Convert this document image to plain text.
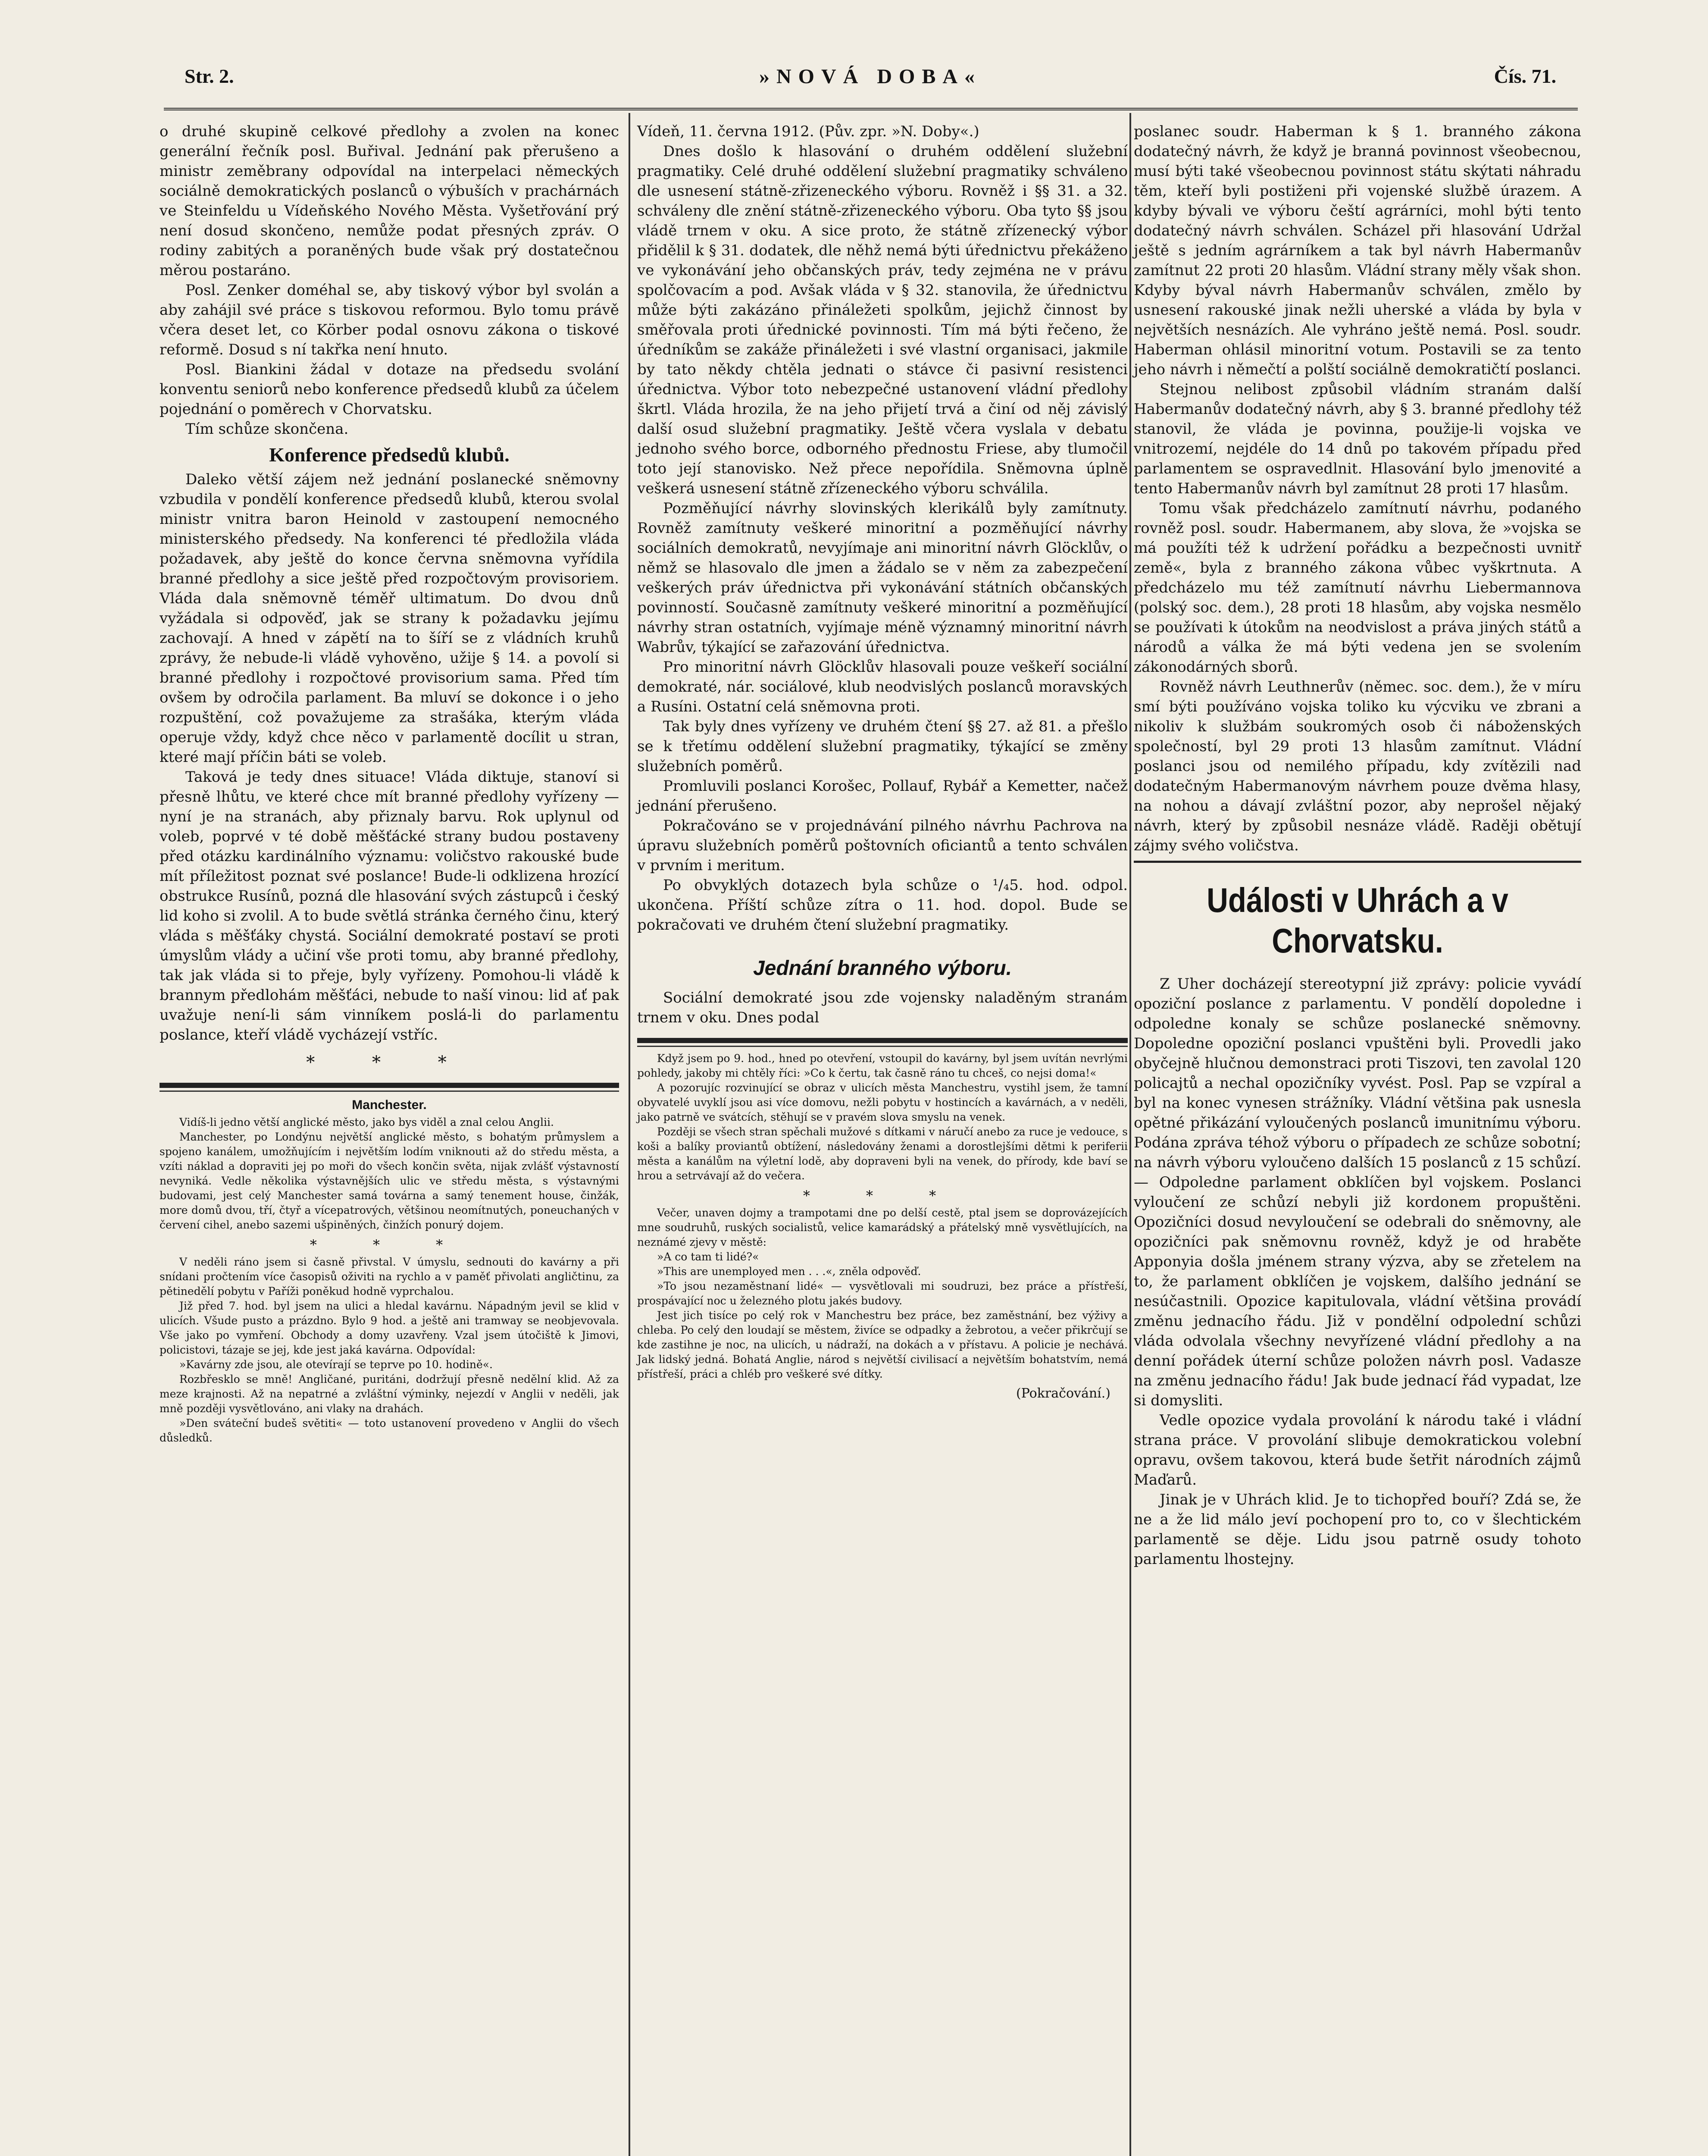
Str. 2.	»NOVÁ DOBA«	Čís. 71.

o druhé skupině celkové předlohy a zvolen na konec generální řečník posl. Buřival. Jednání pak přerušeno a ministr zeměbrany odpovídal na interpelaci německých sociálně demokratických poslanců o výbuších v prachárnách ve Steinfeldu u Vídeňského Nového Města. Vyšetřování prý není dosud skončeno, nemůže podat přesných zpráv. O rodiny zabitých a poraněných bude však prý dostatečnou měrou postaráno.

Posl. Zenker doméhal se, aby tiskový výbor byl svolán a aby zahájil své práce s tiskovou reformou. Bylo tomu právě včera deset let, co Körber podal osnovu zákona o tiskové reformě. Dosud s ní takřka není hnuto.

Posl. Biankini žádal v dotaze na předsedu svolání konventu seniorů nebo konference předsedů klubů za účelem pojednání o poměrech v Chorvatsku.

Tím schůze skončena.

Konference předsedů klubů.

Daleko větší zájem než jednání poslanecké sněmovny vzbudila v pondělí konference předsedů klubů, kterou svolal ministr vnitra baron Heinold v zastoupení nemocného ministerského předsedy. Na konferenci té předložila vláda požadavek, aby ještě do konce června sněmovna vyřídila branné předlohy a sice ještě před rozpočtovým provisoriem. Vláda dala sněmovně téměř ultimatum. Do dvou dnů vyžádala si odpověď, jak se strany k požadavku jejímu zachovají. A hned v zápětí na to šíří se z vládních kruhů zprávy, že nebude-li vládě vyhověno, užije § 14. a povolí si branné předlohy i rozpočtové provisorium sama. Před tím ovšem by odročila parlament. Ba mluví se dokonce i o jeho rozpuštění, což považujeme za strašáka, kterým vláda operuje vždy, když chce něco v parlamentě docílit u stran, které mají příčin báti se voleb.

Taková je tedy dnes situace! Vláda diktuje, stanoví si přesně lhůtu, ve které chce mít branné předlohy vyřízeny — nyní je na stranách, aby přiznaly barvu. Rok uplynul od voleb, poprvé v té době měšťácké strany budou postaveny před otázku kardinálního významu: voličstvo rakouské bude mít příležitost poznat své poslance! Bude-li odklizena hrozící obstrukce Rusínů, pozná dle hlasování svých zástupců i český lid koho si zvolil. A to bude světlá stránka černého činu, který vláda s měšťáky chystá. Sociální demokraté postaví se proti úmyslům vlády a učiní vše proti tomu, aby branné předlohy, tak jak vláda si to přeje, byly vyřízeny. Pomohou-li vládě k brannym předlohám měšťáci, nebude to naší vinou: lid ať pak uvažuje není-li sám vinníkem poslá-li do parlamentu poslance, kteří vládě vycházejí vstříc.

* * *
Manchester.

Vidíš-li jedno větší anglické město, jako bys viděl a znal celou Anglii.

Manchester, po Londýnu největší anglické město, s bohatým průmyslem a spojeno kanálem, umožňujícím i největším lodím vniknouti až do středu města, a vzíti náklad a dopraviti jej po moři do všech končin světa, nijak zvlášť výstavností nevyniká. Vedle několika výstavnějších ulic ve středu města, s výstavnými budovami, jest celý Manchester samá továrna a samý tenement house, činžák, more domů dvou, tří, čtyř a vícepatrových, většinou neomítnutých, poneuchaných v červení cihel, anebo sazemi ušpiněných, činžích ponurý dojem.

* * *

V neděli ráno jsem si časně přivstal. V úmyslu, sednouti do kavárny a při snídani pročtením více časopisů oživiti na rychlo a v paměť přivolati angličtinu, za pětinedělí pobytu v Paříži poněkud hodně vyprchalou.

Již před 7. hod. byl jsem na ulici a hledal kavárnu. Nápadným jevil se klid v ulicích. Všude pusto a prázdno. Bylo 9 hod. a ještě ani tramway se neobjevovala. Vše jako po vymření. Obchody a domy uzavřeny. Vzal jsem útočiště k Jimovi, policistovi, tázaje se jej, kde jest jaká kavárna. Odpovídal:

»Kavárny zde jsou, ale otevírají se teprve po 10. hodině«.

Rozbřesklo se mně! Angličané, puritáni, dodržují přesně nedělní klid. Až za meze krajnosti. Až na nepatrné a zvláštní výminky, nejezdí v Anglii v neděli, jak mně později vysvětlováno, ani vlaky na drahách.

»Den sváteční budeš světiti« — toto ustanovení provedeno v Anglii do všech důsledků.

Vídeň, 11. června 1912. (Pův. zpr. »N. Doby«.)

Dnes došlo k hlasování o druhém oddělení služební pragmatiky. Celé druhé oddělení služební pragmatiky schváleno dle usnesení státně-zřizeneckého výboru. Rovněž i §§ 31. a 32. schváleny dle znění státně-zřizeneckého výboru. Oba tyto §§ jsou vládě trnem v oku. A sice proto, že státně zřízenecký výbor přidělil k § 31. dodatek, dle něhž nemá býti úřednictvu překáženo ve vykonávání jeho občanských práv, tedy zejména ne v právu spolčovacím a pod. Avšak vláda v § 32. stanovila, že úřednictvu může býti zakázáno přináležeti spolkům, jejichž činnost by směřovala proti úřednické povinnosti. Tím má býti řečeno, že úředníkům se zakáže přináležeti i své vlastní organisaci, jakmile by tato někdy chtěla jednati o stávce či pasivní resistenci úřednictva. Výbor toto nebezpečné ustanovení vládní předlohy škrtl. Vláda hrozila, že na jeho přijetí trvá a činí od něj závislý další osud služební pragmatiky. Ještě včera vyslala v debatu jednoho svého borce, odborného přednostu Friese, aby tlumočil toto její stanovisko. Než přece nepořídila. Sněmovna úplně veškerá usnesení státně zřízeneckého výboru schválila.

Pozměňující návrhy slovinských klerikálů byly zamítnuty. Rovněž zamítnuty veškeré minoritní a pozměňující návrhy sociálních demokratů, nevyjímaje ani minoritní návrh Glöcklův, o němž se hlasovalo dle jmen a žádalo se v něm za zabezpečení veškerých práv úřednictva při vykonávání státních občanských povinností. Současně zamítnuty veškeré minoritní a pozměňující návrhy stran ostatních, vyjímaje méně významný minoritní návrh Wabrův, týkající se zařazování úřednictva.

Pro minoritní návrh Glöcklův hlasovali pouze veškeří sociální demokraté, nár. sociálové, klub neodvislých poslanců moravských a Rusíni. Ostatní celá sněmovna proti.

Tak byly dnes vyřízeny ve druhém čtení §§ 27. až 81. a přešlo se k třetímu oddělení služební pragmatiky, týkající se změny služebních poměrů.

Promluvili poslanci Korošec, Pollauf, Rybář a Kemetter, načež jednání přerušeno.

Pokračováno se v projednávání pilného návrhu Pachrova na úpravu služebních poměrů poštovních oficiantů a tento schválen v prvním i meritum.

Po obvyklých dotazech byla schůze o ¹/₄5. hod. odpol. ukončena. Příští schůze zítra o 11. hod. dopol. Bude se pokračovati ve druhém čtení služební pragmatiky.

Jednání branného výboru.

Sociální demokraté jsou zde vojensky naladěným stranám trnem v oku. Dnes podal

Když jsem po 9. hod., hned po otevření, vstoupil do kavárny, byl jsem uvítán nevrlými pohledy, jakoby mi chtěly říci: »Co k čertu, tak časně ráno tu chceš, co nejsi doma!«

A pozorujíc rozvinující se obraz v ulicích města Manchestru, vystihl jsem, že tamní obyvatelé uvyklí jsou asi více domovu, nežli pobytu v hostincích a kavárnách, a v neděli, jako patrně ve svátcích, stěhují se v pravém slova smyslu na venek.

Později se všech stran spěchali mužové s dítkami v náručí anebo za ruce je vedouce, s koši a balíky proviantů obtížení, následovány ženami a dorostlejšími dětmi k periferii města a kanálům na výletní lodě, aby dopraveni byli na venek, do přírody, kde baví se hrou a setrvávají až do večera.

* * *

Večer, unaven dojmy a trampotami dne po delší cestě, ptal jsem se doprovázejících mne soudruhů, ruských socialistů, velice kamarádský a přátelský mně vysvětlujících, na neznámé zjevy v městě:

»A co tam ti lidé?«

»This are unemployed men . . .«, zněla odpověď.

»To jsou nezaměstnaní lidé« — vysvětlovali mi soudruzi, bez práce a přístřeší, prospávající noc u železného plotu jakés budovy.

Jest jich tisíce po celý rok v Manchestru bez práce, bez zaměstnání, bez výživy a chleba. Po celý den loudají se městem, živíce se odpadky a žebrotou, a večer přikrčují se kde zastihne je noc, na ulicích, u nádraží, na dokách a v přístavu. A policie je nechává. Jak lidský jedná. Bohatá Anglie, národ s největší civilisací a největším bohatstvím, nemá přístřeší, práci a chléb pro veškeré své dítky.

(Pokračování.)

poslanec soudr. Haberman k § 1. branného zákona dodatečný návrh, že když je branná povinnost všeobecnou, musí býti také všeobecnou povinnost státu skýtati náhradu těm, kteří byli postiženi při vojenské službě úrazem. A kdyby bývali ve výboru čeští agrárníci, mohl býti tento dodatečný návrh schválen. Scházel při hlasování Udržal ještě s jedním agrárníkem a tak byl návrh Habermanův zamítnut 22 proti 20 hlasům. Vládní strany měly však shon. Kdyby býval návrh Habermanův schválen, změlo by usnesení rakouské jinak nežli uherské a vláda by byla v největších nesnázích. Ale vyhráno ještě nemá. Posl. soudr. Haberman ohlásil minoritní votum. Postavili se za tento jeho návrh i němečtí a polští sociálně demokratičtí poslanci.

Stejnou nelibost způsobil vládním stranám další Habermanův dodatečný návrh, aby § 3. branné předlohy též stanovil, že vláda je povinna, použije-li vojska ve vnitrozemí, nejdéle do 14 dnů po takovém případu před parlamentem se ospravedlnit. Hlasování bylo jmenovité a tento Habermanův návrh byl zamítnut 28 proti 17 hlasům.

Tomu však předcházelo zamítnutí návrhu, podaného rovněž posl. soudr. Habermanem, aby slova, že »vojska se má použíti též k udržení pořádku a bezpečnosti uvnitř země«, byla z branného zákona vůbec vyškrtnuta. A předcházelo mu též zamítnutí návrhu Liebermannova (polský soc. dem.), 28 proti 18 hlasům, aby vojska nesmělo se používati k útokům na neodvislost a práva jiných států a národů a válka že má býti vedena jen se svolením zákonodárných sborů.

Rovněž návrh Leuthnerův (němec. soc. dem.), že v míru smí býti používáno vojska toliko ku výcviku ve zbrani a nikoliv k službám soukromých osob či náboženských společností, byl 29 proti 13 hlasům zamítnut. Vládní poslanci jsou od nemilého případu, kdy zvítězili nad dodatečným Habermanovým návrhem pouze dvěma hlasy, na nohou a dávají zvláštní pozor, aby neprošel nějaký návrh, který by způsobil nesnáze vládě. Raději obětují zájmy svého voličstva.

Události v Uhrách a v Chorvatsku.

Z Uher docházejí stereotypní již zprávy: policie vyvádí opoziční poslance z parlamentu. V pondělí dopoledne i odpoledne konaly se schůze poslanecké sněmovny. Dopoledne opoziční poslanci vpuštěni byli. Provedli jako obyčejně hlučnou demonstraci proti Tiszovi, ten zavolal 120 policajtů a nechal opozičníky vyvést. Posl. Pap se vzpíral a byl na konec vynesen strážníky. Vládní většina pak usnesla opětné přikázání vyloučených poslanců imunitnímu výboru. Podána zpráva téhož výboru o případech ze schůze sobotní; na návrh výboru vyloučeno dalších 15 poslanců z 15 schůzí. — Odpoledne parlament obklíčen byl vojskem. Poslanci vyloučení ze schůzí nebyli již kordonem propuštěni. Opozičníci dosud nevyloučení se odebrali do sněmovny, ale opozičníci pak sněmovnu rovněž, když je od hraběte Apponyia došla jménem strany výzva, aby se zřetelem na to, že parlament obklíčen je vojskem, dalšího jednání se nesúčastnili. Opozice kapitulovala, vládní většina provádí změnu jednacího řádu. Již v pondělní odpolední schůzi vláda odvolala všechny nevyřízené vládní předlohy a na denní pořádek úterní schůze položen návrh posl. Vadasze na změnu jednacího řádu! Jak bude jednací řád vypadat, lze si domysliti.

Vedle opozice vydala provolání k národu také i vládní strana práce. V provolání slibuje demokratickou volební opravu, ovšem takovou, která bude šetřit národních zájmů Maďarů.

Jinak je v Uhrách klid. Je to tichopřed bouří? Zdá se, že ne a že lid málo jeví pochopení pro to, co v šlechtickém parlamentě se děje. Lidu jsou patrně osudy tohoto parlamentu lhostejny.
